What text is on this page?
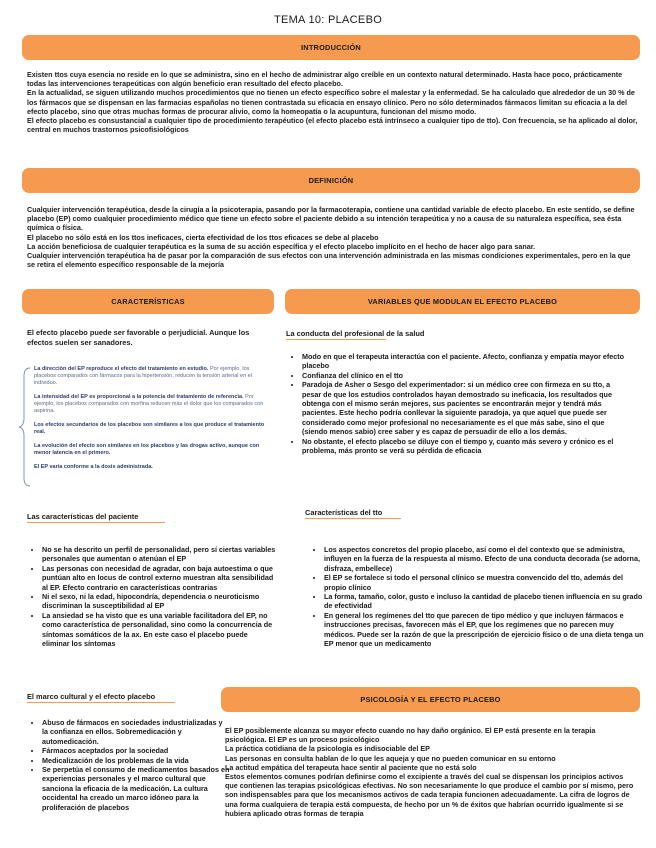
TEMA 10: PLACEBO
INTRODUCCIÓN

Existen ttos cuya esencia no reside en lo que se administra, sino en el hecho de administrar algo creíble en un contexto natural determinado. Hasta hace poco, prácticamente todas las intervenciones terapeúticas con algún beneficio eran resultado del efecto placebo.

En la actualidad, se siguen utilizando muchos procedimientos que no tienen un efecto específico sobre el malestar y la enfermedad. Se ha calculado que alrededor de un 30 % de los fármacos que se dispensan en las farmacias españolas no tienen contrastada su eficacia en ensayo clínico. Pero no sólo determinados fármacos limitan su eficacia a la del efecto placebo, sino que otras muchas formas de procurar alivio, como la homeopatía o la acupuntura, funcionan del mismo modo.

El efecto placebo es consustancial a cualquier tipo de procedimiento terapéutico (el efecto placebo está intrínseco a cualquier tipo de tto). Con frecuencia, se ha aplicado al dolor, central en muchos trastornos psicofisiológicos

DEFINICIÓN

Cualquier intervención terapéutica, desde la cirugía a la psicoterapia, pasando por la farmacoterapia, contiene una cantidad variable de efecto placebo. En este sentido, se define placebo (EP) como cualquier procedimiento médico que tiene un efecto sobre el paciente debido a su intención terapeútica y no a causa de su naturaleza específica, sea ésta química o física.

El placebo no sólo está en los ttos ineficaces, cierta efectividad de los ttos eficaces se debe al placebo

La acción beneficiosa de cualquier terapéutica es la suma de su acción específica y el efecto placebo implícito en el hecho de hacer algo para sanar.

Cualquier intervención terapéutica ha de pasar por la comparación de sus efectos con una intervención administrada en las mismas condiciones experimentales, pero en la que se retira el elemento específico responsable de la mejoría

CARACTERÍSTICAS
El efecto placebo puede ser favorable o perjudicial. Aunque los efectos suelen ser sanadores.

La dirección del EP reproduce el efecto del tratamiento en estudio. Por ejemplo, los placebos comparados con fármacos para la hipertensión, reducen la tensión arterial en el individuo.

La intensidad del EP es proporcional a la potencia del tratamiento de referencia. Por ejemplo, los placebos comparados con morfina reducen más el dolor que los comparados con aspirina.

Los efectos secundarios de los placebos son similares a los que produce el tratamiento real.

La evolución del efecto son similares en los placebos y las drogas activo, aunque con menor latencia en el primero.

El EP varía conforme a la dosis administrada.

VARIABLES QUE MODULAN EL EFECTO PLACEBO
La conducta del profesional de la salud
• Modo en que el terapeuta interactúa con el paciente. Afecto, confianza y empatía mayor efecto placebo
• Confianza del clínico en el tto
• Paradoja de Asher o Sesgo del experimentador: si un médico cree con firmeza en su tto, a pesar de que los estudios controlados hayan demostrado su ineficacia, los resultados que obtenga con el mismo serán mejores, sus pacientes se encontrarán mejor y tendrá más pacientes. Este hecho podría conllevar la siguiente paradoja, ya que aquel que puede ser considerado como mejor profesional no necesariamente es el que más sabe, sino el que (siendo menos sabio) cree saber y es capaz de persuadir de ello a los demás.
• No obstante, el efecto placebo se diluye con el tiempo y, cuanto más severo y crónico es el problema, más pronto se verá su pérdida de eficacia
Características del tto
• Los aspectos concretos del propio placebo, así como el del contexto que se administra, influyen en la fuerza de la respuesta al mismo. Efecto de una conducta decorada (se adorna, disfraza, embellece)
• El EP se fortalece si todo el personal clínico se muestra convencido del tto, además del propio clínico
• La forma, tamaño, color, gusto e incluso la cantidad de placebo tienen influencia en su grado de efectividad
• En general los regímenes del tto que parecen de tipo médico y que incluyen fármacos e instrucciones precisas, favorecen más el EP, que los regímenes que no parecen muy médicos. Puede ser la razón de que la prescripción de ejercicio físico o de una dieta tenga un EP menor que un medicamento
Las características del paciente
• No se ha descrito un perfil de personalidad, pero sí ciertas variables personales que aumentan o atenúan el EP
• Las personas con necesidad de agradar, con baja autoestima o que puntúan alto en locus de control externo muestran alta sensibilidad al EP. Efecto contrario en características contrarias
• Ni el sexo, ni la edad, hipocondría, dependencia o neuroticismo discriminan la susceptibilidad al EP
• La ansiedad se ha visto que es una variable facilitadora del EP, no como característica de personalidad, sino como la concurrencia de síntomas somáticos de la ax. En este caso el placebo puede eliminar los síntomas
El marco cultural y el efecto placebo
• Abuso de fármacos en sociedades industrializadas y la confianza en ellos. Sobremedicación y automedicación.
• Fármacos aceptados por la sociedad
• Medicalización de los problemas de la vida
• Se perpetúa el consumo de medicamentos basados en experiencias personales y el marco cultural que sanciona la eficacia de la medicación. La cultura occidental ha creado un marco idóneo para la proliferación de placebos
PSICOLOGÍA Y EL EFECTO PLACEBO

El EP posiblemente alcanza su mayor efecto cuando no hay daño orgánico. El EP está presente en la terapia psicológica. El EP es un proceso psicológico

La práctica cotidiana de la psicología es indisociable del EP

Las personas en consulta hablan de lo que les aqueja y que no pueden comunicar en su entorno

La actitud empática del terapeuta hace sentir al paciente que no está solo

Estos elementos comunes podrían definirse como el excipiente a través del cual se dispensan los principios activos que contienen las terapias psicológicas efectivas. No son necesariamente lo que produce el cambio por sí mismo, pero son indispensables para que los mecanismos activos de cada terapia funcionen adecuadamente. La cifra de logros de una forma cualquiera de terapia está compuesta, de hecho por un % de éxitos que habrían ocurrido igualmente si se hubiera aplicado otras formas de terapia
